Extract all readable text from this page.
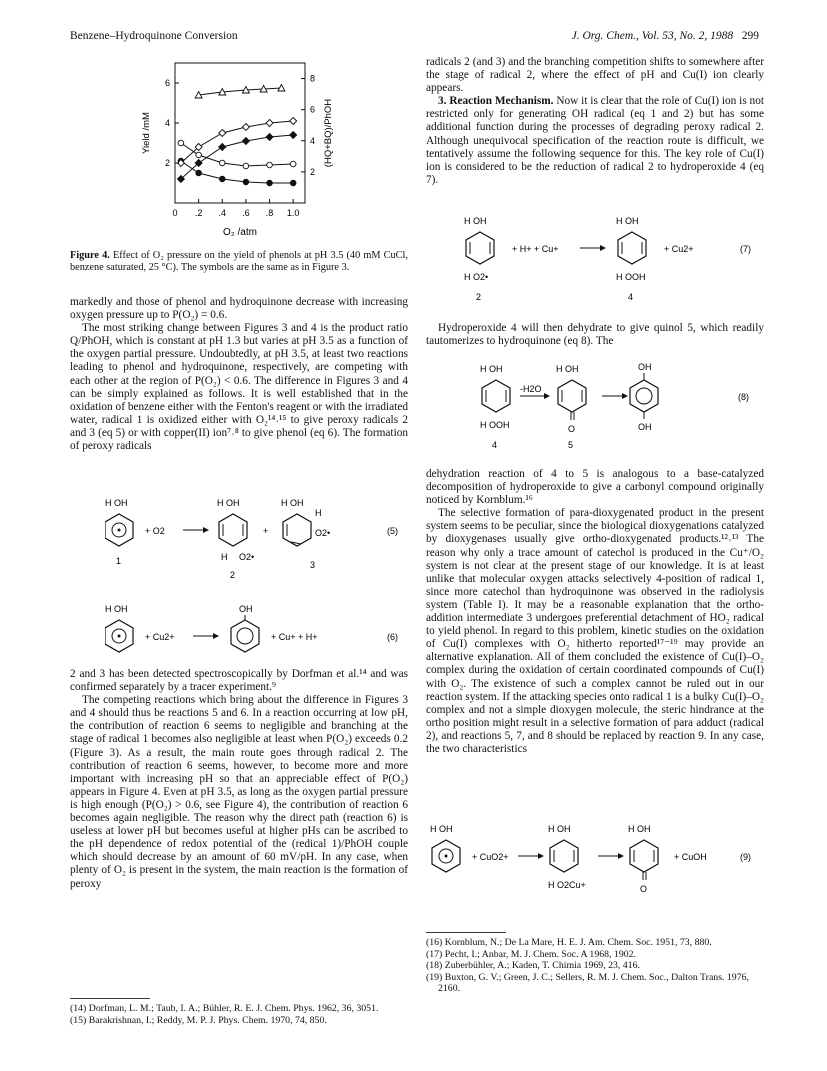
Benzene–Hydroquinone Conversion	J. Org. Chem., Vol. 53, No. 2, 1988 299
0 .2 .4 .6 .8 1.0
2
4
6
2
4
6
8
O₂ /atm
Yield /mM	(HQ+BQ)/PhOH
Figure 4. Effect of O₂ pressure on the yield of phenols at pH 3.5 (40 mM CuCl, benzene saturated, 25 °C). The symbols are the same as in Figure 3.

markedly and those of phenol and hydroquinone decrease with increasing oxygen pressure up to P(O₂) = 0.6.

The most striking change between Figures 3 and 4 is the product ratio Q/PhOH, which is constant at pH 1.3 but varies at pH 3.5 as a function of the oxygen partial pressure. Undoubtedly, at pH 3.5, at least two reactions leading to phenol and hydroquinone, respectively, are competing with each other at the region of P(O₂) < 0.6. The difference in Figures 3 and 4 can be simply explained as follows. It is well established that in the oxidation of benzene either with the Fenton's reagent or with the irradiated water, radical 1 is oxidized either with O₂¹⁴˒¹⁵ to give peroxy radicals 2 and 3 (eq 5) or with copper(II) ion⁷˒⁸ to give phenol (eq 6). The formation of peroxy radicals

H OH
1
+ O2
H OH
H O2•
2
+
H OH
H
O2•
3
(5)
H OH
+ Cu2+
OH
+ Cu+ + H+	(6)

2 and 3 has been detected spectroscopically by Dorfman et al.¹⁴ and was confirmed separately by a tracer experiment.⁹

The competing reactions which bring about the difference in Figures 3 and 4 should thus be reactions 5 and 6. In a reaction occurring at low pH, the contribution of reaction 6 seems to negligible and branching at the stage of radical 1 becomes also negligible at least when P(O₂) exceeds 0.2 (Figure 3). As a result, the main route goes through radical 2. The contribution of reaction 6 seems, however, to become more and more important with increasing pH so that an appreciable effect of P(O₂) appears in Figure 4. Even at pH 3.5, as long as the oxygen partial pressure is high enough (P(O₂) > 0.6, see Figure 4), the contribution of reaction 6 becomes again negligible. The reason why the direct path (reaction 6) is useless at lower pH but becomes useful at higher pHs can be ascribed to the pH dependence of redox potential of the (redical 1)/PhOH couple which should decrease by an amount of 60 mV/pH. In any case, when plenty of O₂ is present in the system, the main reaction is the formation of peroxy

(14) Dorfman, L. M.; Taub, I. A.; Bühler, R. E. J. Chem. Phys. 1962, 36, 3051.

(15) Barakrishnan, I.; Reddy, M. P. J. Phys. Chem. 1970, 74, 850.

radicals 2 (and 3) and the branching competition shifts to somewhere after the stage of radical 2, where the effect of pH and Cu(I) ion clearly appears.

3. Reaction Mechanism. Now it is clear that the role of Cu(I) ion is not restricted only for generating OH radical (eq 1 and 2) but has some additional function during the processes of degrading peroxy radical 2. Although unequivocal specification of the reaction route is difficult, we tentatively assume the following sequence for this. The key role of Cu(I) ion is considered to be the reduction of radical 2 to hydroperoxide 4 (eq 7).

H OH
H O2•
2
+ H+ + Cu+
H OH
H OOH
4
+ Cu2+	(7)

Hydroperoxide 4 will then dehydrate to give quinol 5, which readily tautomerizes to hydroquinone (eq 8). The

H OH
H OOH
4
-H2O
H OH
O
5
OH
OH
(8)

dehydration reaction of 4 to 5 is analogous to a base-catalyzed decomposition of hydroperoxide to give a carbonyl compound originally noticed by Kornblum.¹⁶

The selective formation of para-dioxygenated product in the present system seems to be peculiar, since the biological dioxygenations catalyzed by dioxygenases usually give ortho-dioxygenated products.¹²˒¹³ The reason why only a trace amount of catechol is produced in the Cu⁺/O₂ system is not clear at the present stage of our knowledge. It is at least unlike that molecular oxygen attacks selectively 4-position of radical 1, since more catechol than hydroquinone was observed in the radiolysis system (Table I). It may be a reasonable explanation that the ortho-addition intermediate 3 undergoes preferential detachment of HO₂ radical to yield phenol. In regard to this problem, kinetic studies on the oxidation of Cu(I) complexes with O₂ hitherto reported¹⁷⁻¹⁹ may provide an alternative explanation. All of them concluded the existence of Cu(I)–O₂ complex during the oxidation of certain coordinated compounds of Cu(I) with O₂. The existence of such a complex cannot be ruled out in our reaction system. If the attacking species onto radical 1 is a bulky Cu(I)–O₂ complex and not a simple dioxygen molecule, the steric hindrance at the ortho position might result in a selective formation of para adduct (radical 2), and reactions 5, 7, and 8 should be replaced by reaction 9. In any case, the two characteristics

H OH
+ CuO2+
H OH
H O2Cu+
H OH
O
+ CuOH	(9)

(16) Kornblum, N.; De La Mare, H. E. J. Am. Chem. Soc. 1951, 73, 880.

(17) Pecht, I.; Anbar, M. J. Chem. Soc. A 1968, 1902.

(18) Zuberbühler, A.; Kaden, T. Chimia 1969, 23, 416.

(19) Buxton, G. V.; Green, J. C.; Sellers, R. M. J. Chem. Soc., Dalton Trans. 1976, 2160.
